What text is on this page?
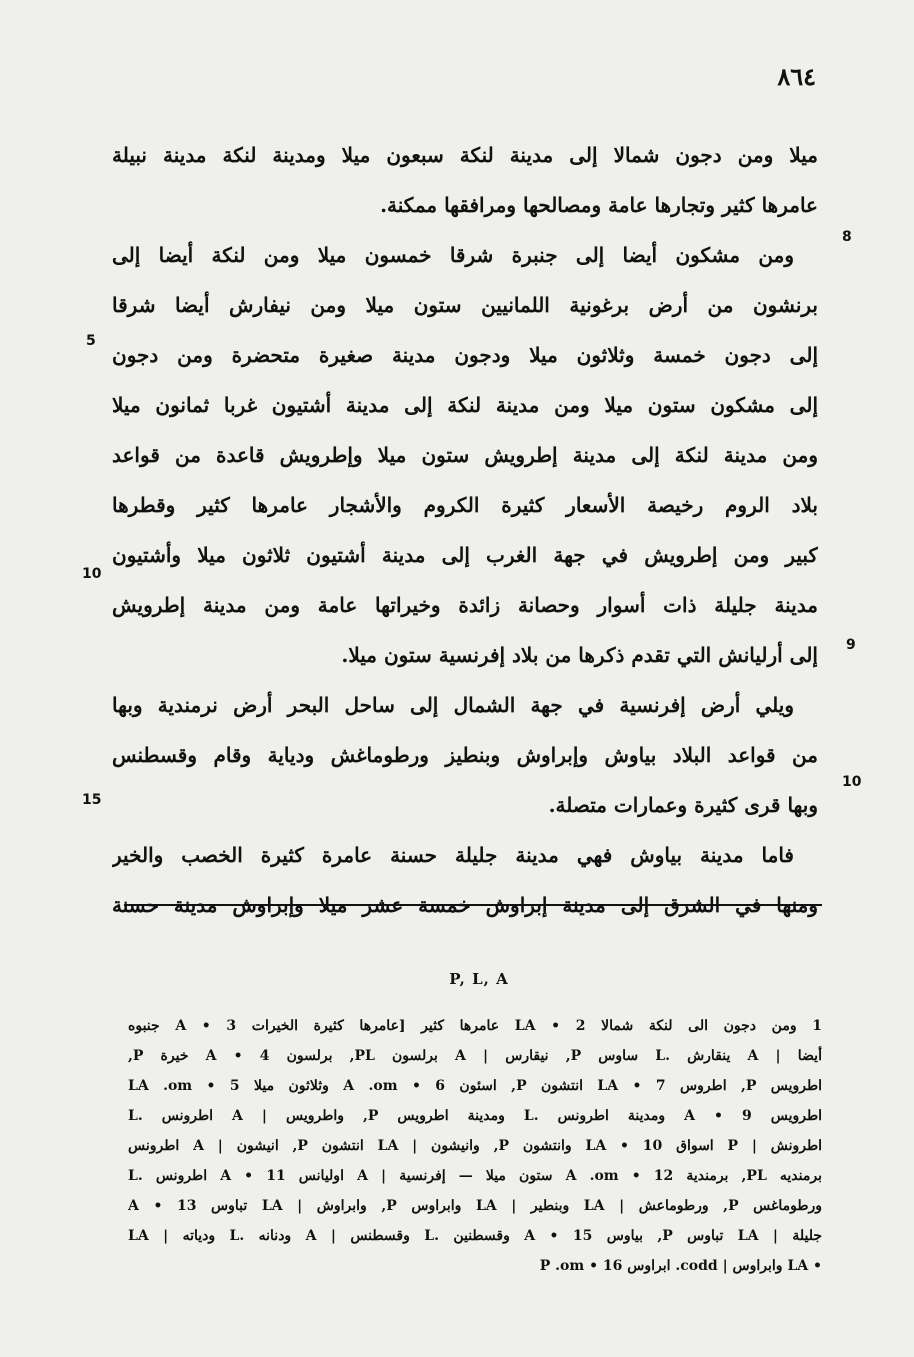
٨٦٤
ميلا ومن دجون شمالا إلى مدينة لنكة سبعون ميلا ومدينة لنكة مدينة نبيلة
عامرها كثير وتجارها عامة ومصالحها ومرافقها ممكنة.
ومن مشكون أيضا إلى جنبرة شرقا خمسون ميلا ومن لنكة أيضا إلى
برنشون من أرض برغونية اللمانيين ستون ميلا ومن نيفارش أيضا شرقا
إلى دجون خمسة وثلاثون ميلا ودجون مدينة صغيرة متحضرة ومن دجون
إلى مشكون ستون ميلا ومن مدينة لنكة إلى مدينة أشتيون غربا ثمانون ميلا
ومن مدينة لنكة إلى مدينة إطرويش ستون ميلا وإطرويش قاعدة من قواعد
بلاد الروم رخيصة الأسعار كثيرة الكروم والأشجار عامرها كثير وقطرها
كبير ومن إطرويش في جهة الغرب إلى مدينة أشتيون ثلاثون ميلا وأشتيون
مدينة جليلة ذات أسوار وحصانة زائدة وخيراتها عامة ومن مدينة إطرويش
إلى أرليانش التي تقدم ذكرها من بلاد إفرنسية ستون ميلا.
ويلي أرض إفرنسية في جهة الشمال إلى ساحل البحر أرض نرمندية وبها
من قواعد البلاد بياوش وإبراوش وبنطيز ورطوماغش ودياية وقام وقسطنس
وبها قرى كثيرة وعمارات متصلة.
فاما مدينة بياوش فهي مدينة جليلة حسنة عامرة كثيرة الخصب والخير
ومنها في الشرق إلى مدينة إبراوش خمسة عشر ميلا وإبراوش مدينة حسنة
8
5
10
9
10
15
P, L, A
1 ومن دجون الى لنكة شمالا LA • 2 عامرها كثير [عامرها كثيرة الخيرات A • 3 جنبوه
أيضا | A ينقارش .L ساوس P, نيقارس | A برلسون PL, برلسون 4 • A خيرة P,
اطرويس P, اطروس 7 • LA انتشون P, اسئون 6 • A .om وثلاثون ميلا 5 • LA .om
اطرويس 9 • A ومدينة اطرونس .L ومدينة اطرويس P, واطرويس | A اطرونس .L
اطرونش | P اسواق 10 • LA وانتشون P, وانيشون | LA انتشون P, انيشون | A اطرونس
برمنديه PL, برمندية 12 • A .om ستون ميلا — إفرنسية | A اوليانس 11 • A اطرونس .L
ورطوماغس P, ورطوماعش | LA وبنطير | LA وابراوس P, وابراوش | LA تباوس 13 • A
جليلة | LA تباوس P, بياوس 15 • A وقسطنين .L وقسطنس | A ودنانه .L ودياته | LA
• LA وابراوس | codd. ابراوس 16 • P .om
